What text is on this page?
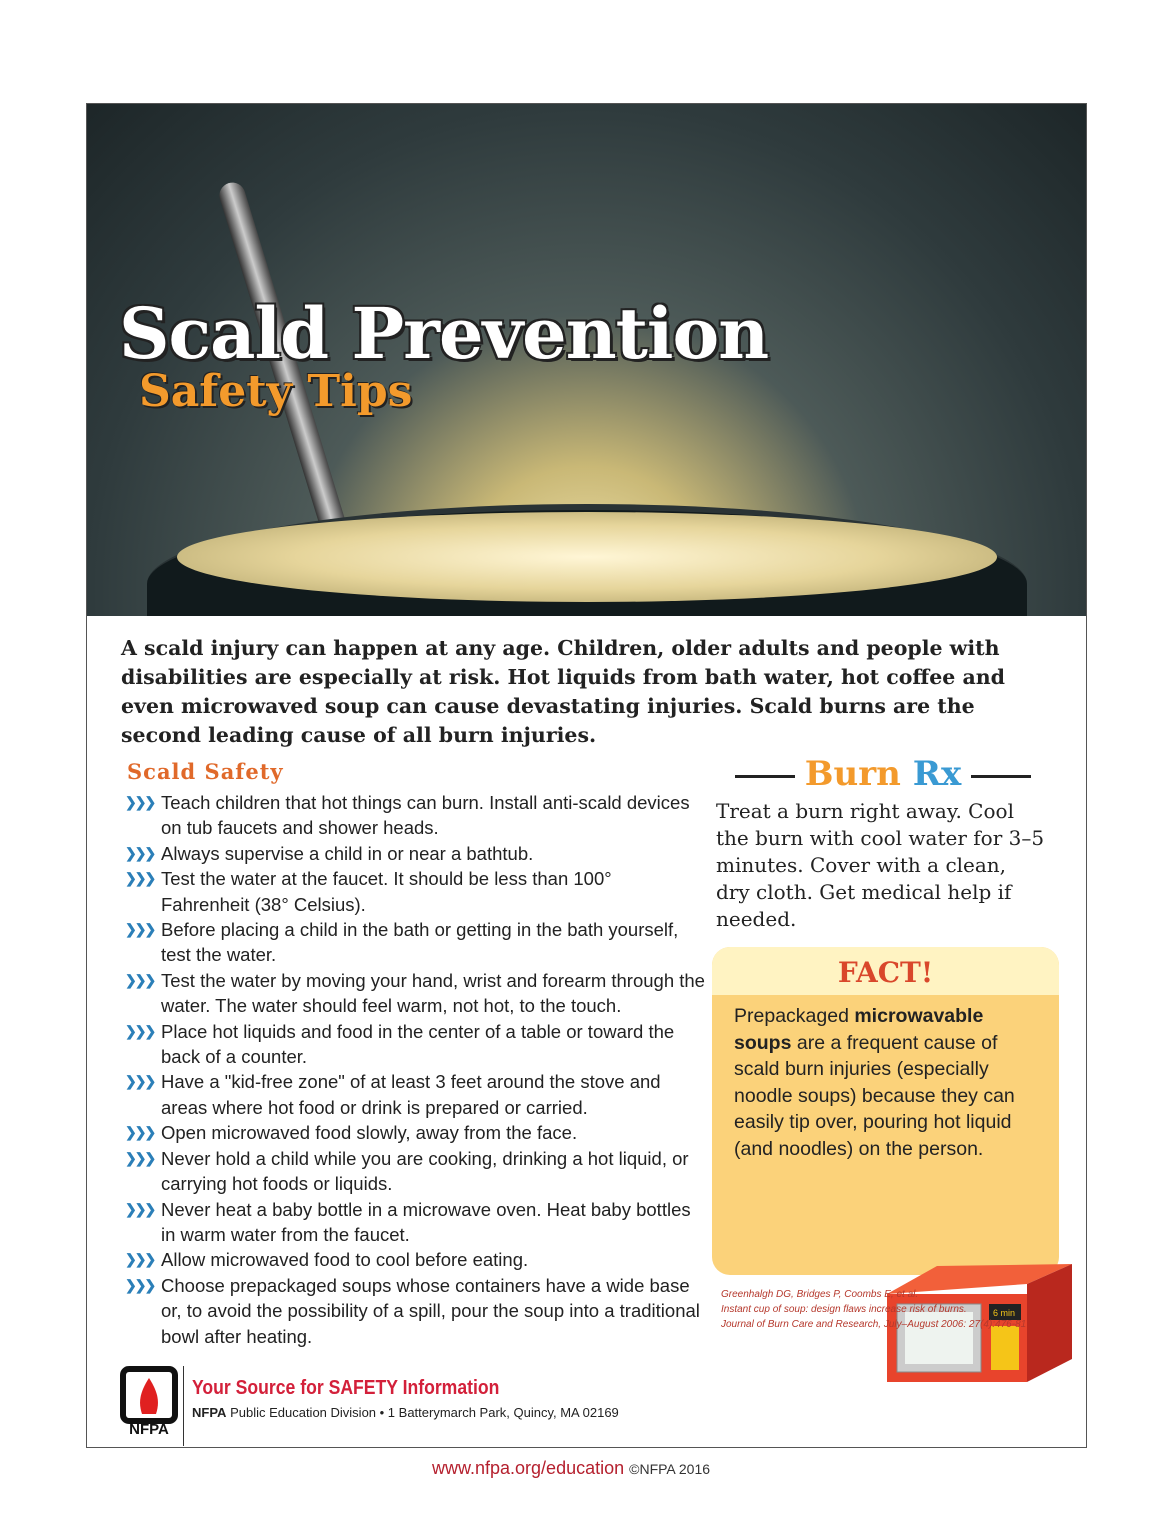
Scald Prevention
Safety Tips

A scald injury can happen at any age. Children, older adults and people with disabilities are especially at risk. Hot liquids from bath water, hot coffee and even microwaved soup can cause devastating injuries. Scald burns are the second leading cause of all burn injuries.

Scald Safety
❯❯❯ Teach children that hot things can burn. Install anti-scald devices on tub faucets and shower heads.
❯❯❯ Always supervise a child in or near a bathtub.
❯❯❯ Test the water at the faucet. It should be less than 100° Fahrenheit (38° Celsius).
❯❯❯ Before placing a child in the bath or getting in the bath yourself, test the water.
❯❯❯ Test the water by moving your hand, wrist and forearm through the water. The water should feel warm, not hot, to the touch.
❯❯❯ Place hot liquids and food in the center of a table or toward the back of a counter.
❯❯❯ Have a "kid-free zone" of at least 3 feet around the stove and areas where hot food or drink is prepared or carried.
❯❯❯ Open microwaved food slowly, away from the face.
❯❯❯ Never hold a child while you are cooking, drinking a hot liquid, or carrying hot foods or liquids.
❯❯❯ Never heat a baby bottle in a microwave oven. Heat baby bottles in warm water from the faucet.
❯❯❯ Allow microwaved food to cool before eating.
❯❯❯ Choose prepackaged soups whose containers have a wide base or, to avoid the possibility of a spill, pour the soup into a traditional bowl after heating.
Burn Rx

Treat a burn right away. Cool the burn with cool water for 3–5 minutes. Cover with a clean, dry cloth. Get medical help if needed.

FACT!

Prepackaged microwavable soups are a frequent cause of scald burn injuries (especially noodle soups) because they can easily tip over, pouring hot liquid (and noodles) on the person.

6 min
Greenhalgh DG, Bridges P, Coombs E, et al.
Instant cup of soup: design flaws increase risk of burns.
Journal of Burn Care and Research, July–August 2006: 27(4):476-81
NFPA
Your Source for SAFETY Information
NFPA Public Education Division • 1 Batterymarch Park, Quincy, MA 02169
www.nfpa.org/education ©NFPA 2016
